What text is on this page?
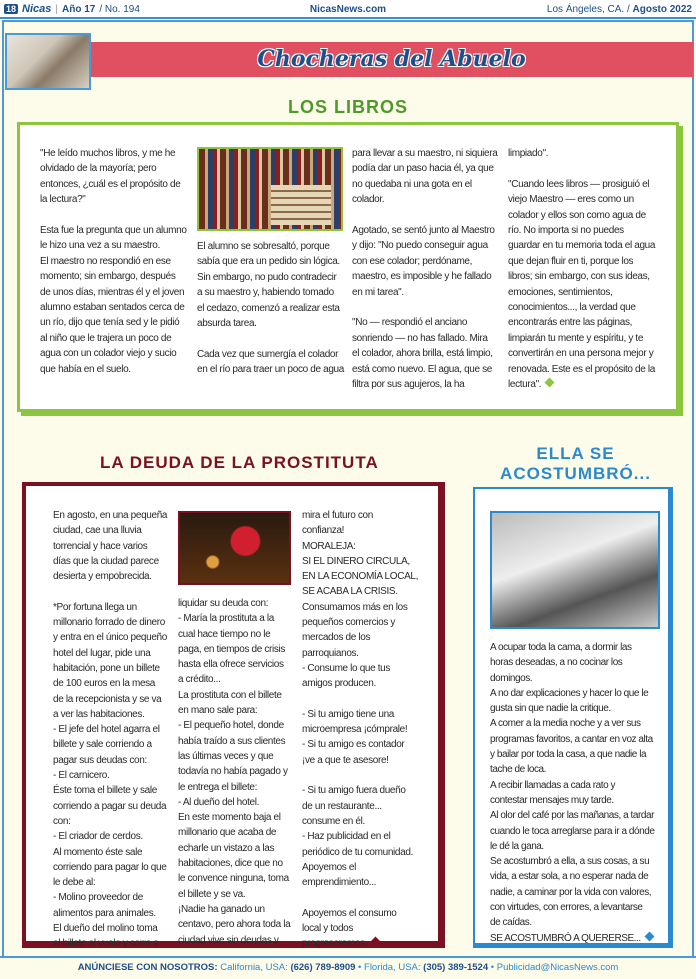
18 Nicas | Año 17 / No. 194	NicasNews.com	Los Ángeles, CA. / Agosto 2022
Chocheras del Abuelo
LOS LIBROS

"He leído muchos libros, y me he
olvidado de la mayoría; pero
entonces, ¿cuál es el propósito de
la lectura?"

Esta fue la pregunta que un alumno
le hizo una vez a su maestro.
El maestro no respondió en ese
momento; sin embargo, después
de unos días, mientras él y el joven
alumno estaban sentados cerca de
un río, dijo que tenía sed y le pidió
al niño que le trajera un poco de
agua con un colador viejo y sucio
que había en el suelo.

El alumno se sobresaltó, porque
sabía que era un pedido sin lógica.
Sin embargo, no pudo contradecir
a su maestro y, habiendo tomado
el cedazo, comenzó a realizar esta
absurda tarea.

Cada vez que sumergía el colador
en el río para traer un poco de agua

para llevar a su maestro, ni siquiera
podía dar un paso hacia él, ya que
no quedaba ni una gota en el
colador.

Agotado, se sentó junto al Maestro
y dijo: "No puedo conseguir agua
con ese colador; perdóname,
maestro, es imposible y he fallado
en mi tarea".

"No — respondió el anciano
sonriendo — no has fallado. Mira
el colador, ahora brilla, está limpio,
está como nuevo. El agua, que se
filtra por sus agujeros, la ha

limpiado".

"Cuando lees libros — prosiguió el
viejo Maestro — eres como un
colador y ellos son como agua de
río. No importa si no puedes
guardar en tu memoria toda el agua
que dejan fluir en ti, porque los
libros; sin embargo, con sus ideas,
emociones, sentimientos,
conocimientos..., la verdad que
encontrarás entre las páginas,
limpiarán tu mente y espíritu, y te
convertirán en una persona mejor y
renovada. Este es el propósito de la
lectura".

LA DEUDA DE LA PROSTITUTA

En agosto, en una pequeña
ciudad, cae una lluvia
torrencial y hace varios
días que la ciudad parece
desierta y empobrecida.

*Por fortuna llega un
millonario forrado de dinero
y entra en el único pequeño
hotel del lugar, pide una
habitación, pone un billete
de 100 euros en la mesa
de la recepcionista y se va
a ver las habitaciones.
- El jefe del hotel agarra el
billete y sale corriendo a
pagar sus deudas con:
- El carnicero.
Éste toma el billete y sale
corriendo a pagar su deuda
con:
- El criador de cerdos.
Al momento éste sale
corriendo para pagar lo que
le debe al:
- Molino proveedor de
alimentos para animales.
El dueño del molino toma
el billete al vuelo y corre a

liquidar su deuda con:
- María la prostituta a la
cual hace tiempo no le
paga, en tiempos de crisis
hasta ella ofrece servicios
a crédito...
La prostituta con el billete
en mano sale para:
- El pequeño hotel, donde
había traído a sus clientes
las últimas veces y que
todavía no había pagado y
le entrega el billete:
- Al dueño del hotel.
En este momento baja el
millonario que acaba de
echarle un vistazo a las
habitaciones, dice que no
le convence ninguna, toma
el billete y se va.
¡Nadie ha ganado un
centavo, pero ahora toda la
ciudad vive sin deudas y

mira el futuro con
confianza!
MORALEJA:
SI EL DINERO CIRCULA,
EN LA ECONOMÍA LOCAL,
SE ACABA LA CRISIS.
Consumamos más en los
pequeños comercios y
mercados de los
parroquianos.
- Consume lo que tus
amigos producen.

- Si tu amigo tiene una
microempresa ¡cómprale!
- Si tu amigo es contador
¡ve a que te asesore!

- Si tu amigo fuera dueño
de un restaurante...
consume en él.
- Haz publicidad en el
periódico de tu comunidad.
Apoyemos el
emprendimiento...

Apoyemos el consumo
local y todos
progresaremos.

ELLA SE ACOSTUMBRÓ...
A ocupar toda la cama, a dormir las
horas deseadas, a no cocinar los
domingos.
A no dar explicaciones y hacer lo que le
gusta sin que nadie la critique.
A comer a la media noche y a ver sus
programas favoritos, a cantar en voz alta
y bailar por toda la casa, a que nadie la
tache de loca.
A recibir llamadas a cada rato y
contestar mensajes muy tarde.
Al olor del café por las mañanas, a tardar
cuando le toca arreglarse para ir a dónde
le dé la gana.
Se acostumbró a ella, a sus cosas, a su
vida, a estar sola, a no esperar nada de
nadie, a caminar por la vida con valores,
con virtudes, con errores, a levantarse
de caídas.
SE ACOSTUMBRÓ A QUERERSE...
ANÚNCIESE CON NOSOTROS: California, USA: (626) 789-8909 • Florida, USA: (305) 389-1524 • Publicidad@NicasNews.com
